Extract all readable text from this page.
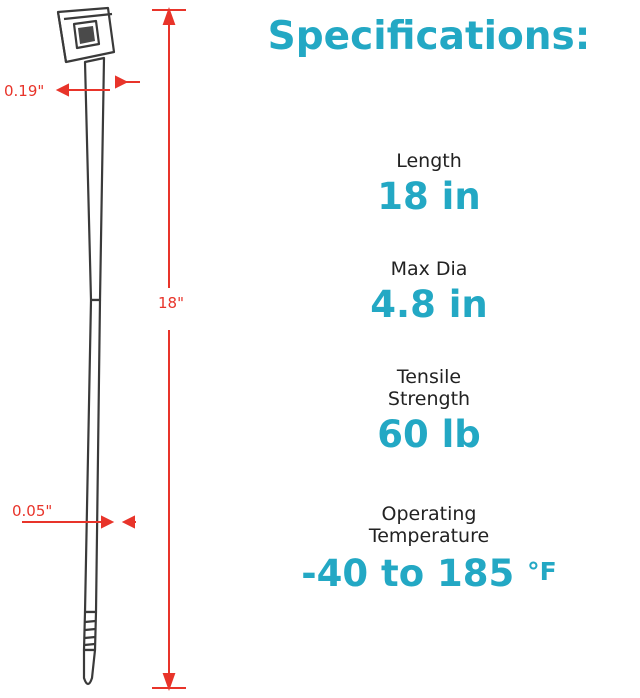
0.19"
0.05"
18"
Specifications:
Length
18 in
Max Dia
4.8 in
Tensile
Strength
60 lb
Operating
Temperature
-40 to 185 °F
